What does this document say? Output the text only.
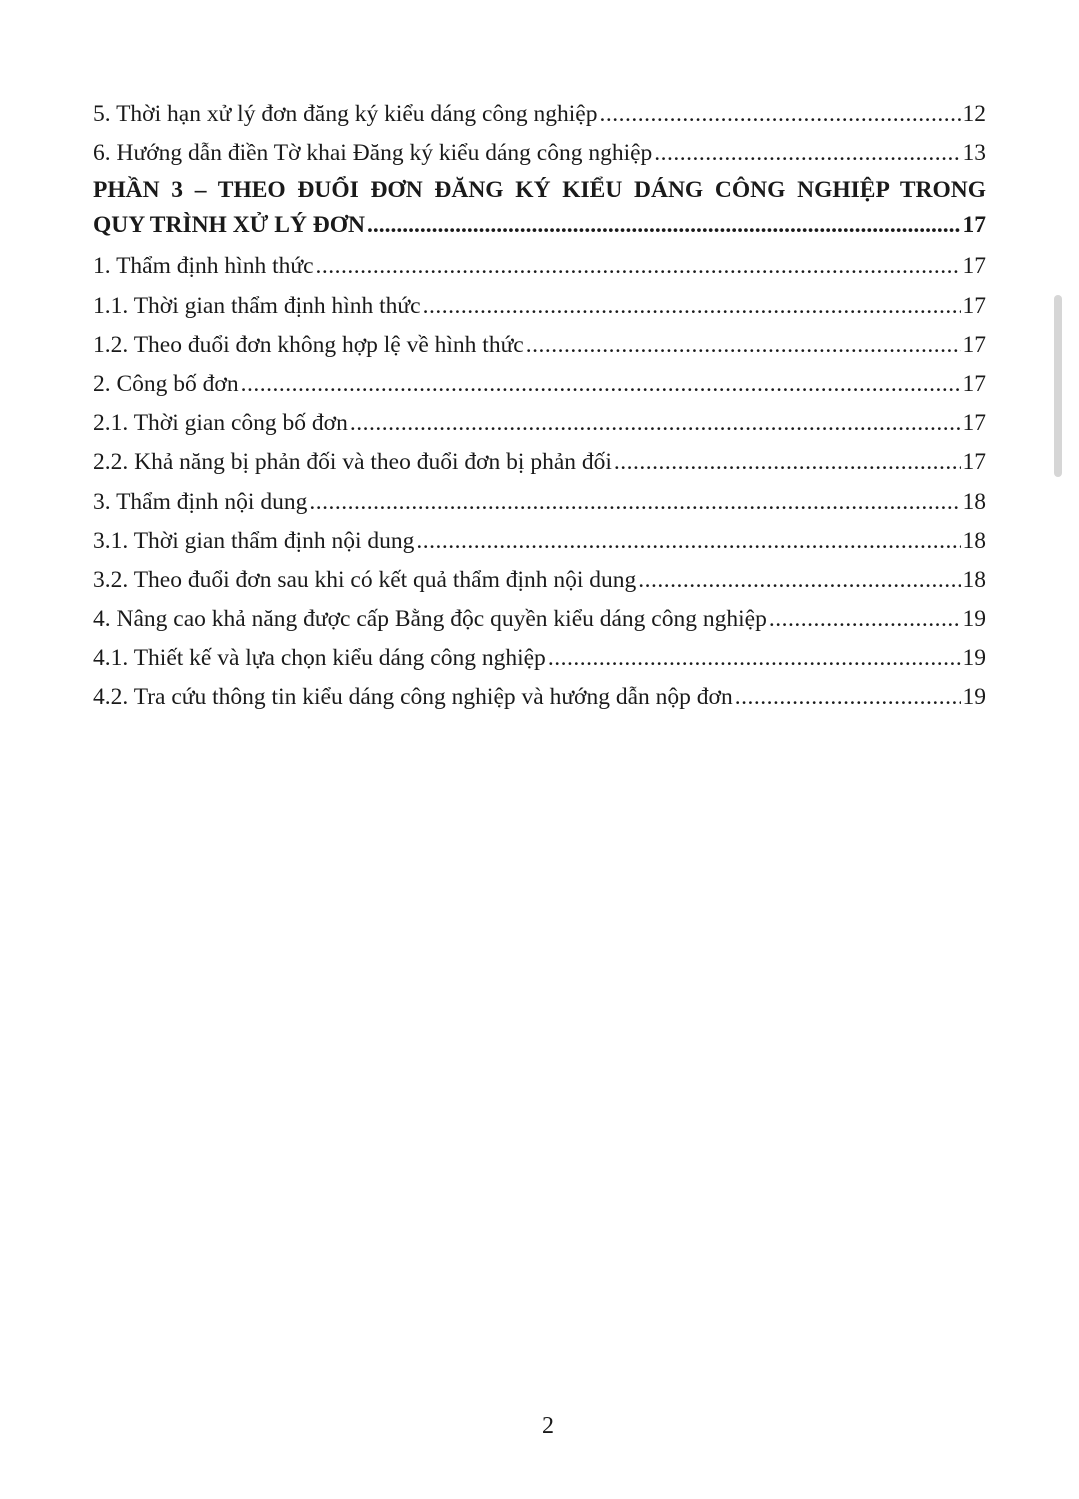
5. Thời hạn xử lý đơn đăng ký kiểu dáng công nghiệp .....	12
6. Hướng dẫn điền Tờ khai Đăng ký kiểu dáng công nghiệp .....	13
PHẦN 3 – THEO ĐUỔI ĐƠN ĐĂNG KÝ KIỂU DÁNG CÔNG NGHIỆP TRONG
QUY TRÌNH XỬ LÝ ĐƠN .....	17
1. Thẩm định hình thức .....	17
1.1. Thời gian thẩm định hình thức .....	17
1.2. Theo đuổi đơn không hợp lệ về hình thức .....	17
2. Công bố đơn .....	17
2.1. Thời gian công bố đơn .....	17
2.2. Khả năng bị phản đối và theo đuổi đơn bị phản đối .....	17
3. Thẩm định nội dung .....	18
3.1. Thời gian thẩm định nội dung .....	18
3.2. Theo đuổi đơn sau khi có kết quả thẩm định nội dung .....	18
4. Nâng cao khả năng được cấp Bằng độc quyền kiểu dáng công nghiệp .....	19
4.1. Thiết kế và lựa chọn kiểu dáng công nghiệp .....	19
4.2. Tra cứu thông tin kiểu dáng công nghiệp và hướng dẫn nộp đơn .....	19
2
